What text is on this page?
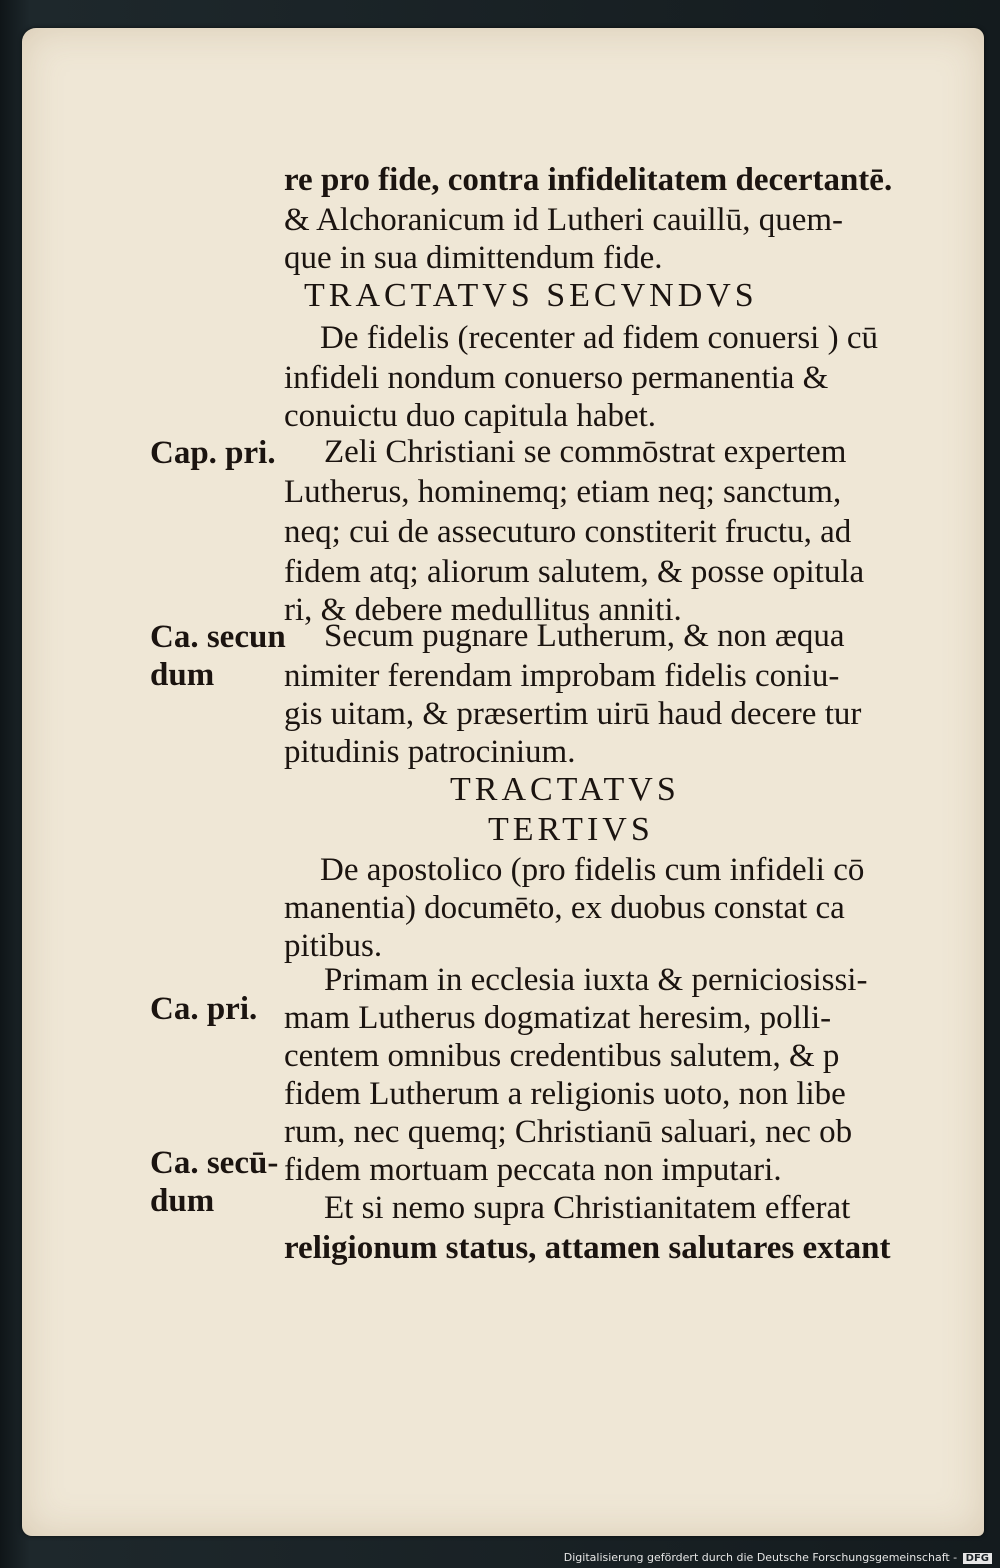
re pro fide, contra infidelitatem decertantē.
& Alchoranicum id Lutheri cauillū, quem-
que in sua dimittendum fide.
TRACTATVS SECVNDVS
De fidelis (recenter ad fidem conuersi ) cū
infideli nondum conuerso permanentia &
conuictu duo capitula habet.
Cap. pri. Zeli Christiani se commōstrat expertem
Lutherus, hominemq; etiam neq; sanctum,
neq; cui de assecuturo constiterit fructu, ad
fidem atq; aliorum salutem, & posse opitula
ri, & debere medullitus anniti.
Ca. secun
dum
Secum pugnare Lutherum, & non æqua
nimiter ferendam improbam fidelis coniu-
gis uitam, & præsertim uirū haud decere tur
pitudinis patrocinium.
TRACTATVS
TERTIVS
De apostolico (pro fidelis cum infideli cō
manentia) documēto, ex duobus constat ca
pitibus.
Primam in ecclesia iuxta & perniciosissi-
Ca. pri. mam Lutherus dogmatizat heresim, polli-
centem omnibus credentibus salutem, & p
fidem Lutherum a religionis uoto, non libe
rum, nec quemq; Christianū saluari, nec ob
Ca. secū-
dum
fidem mortuam peccata non imputari.
Et si nemo supra Christianitatem efferat
religionum status, attamen salutares extant
Digitalisierung gefördert durch die Deutsche Forschungsgemeinschaft - DFG
